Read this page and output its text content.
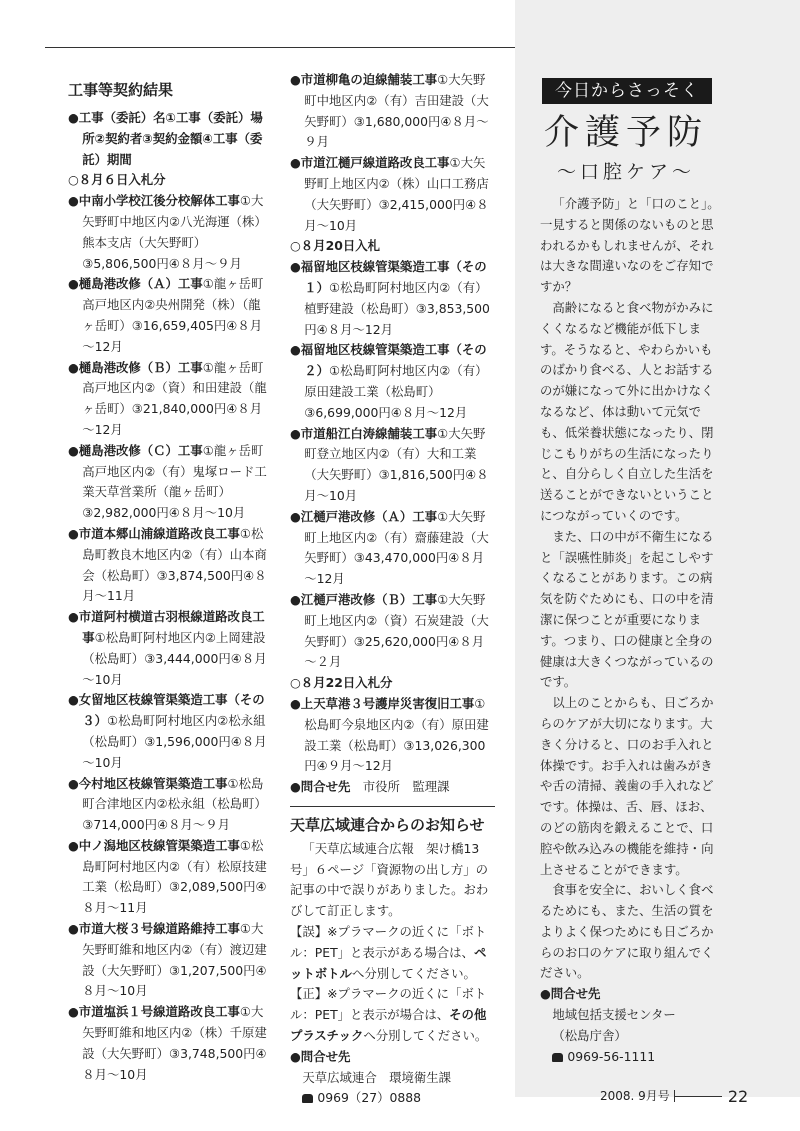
工事等契約結果
●工事（委託）名①工事（委託）場所②契約者③契約金額④工事（委託）期間
○８月６日入札分
●中南小学校江後分校解体工事①大矢野町中地区内②八光海運（株）熊本支店（大矢野町）③5,806,500円④８月～９月
●樋島港改修（Ａ）工事①龍ヶ岳町高戸地区内②央州開発（株）（龍ヶ岳町）③16,659,405円④８月～12月
●樋島港改修（Ｂ）工事①龍ヶ岳町高戸地区内②（資）和田建設（龍ヶ岳町）③21,840,000円④８月～12月
●樋島港改修（Ｃ）工事①龍ヶ岳町高戸地区内②（有）鬼塚ロード工業天草営業所（龍ヶ岳町）③2,982,000円④８月～10月
●市道本郷山浦線道路改良工事①松島町教良木地区内②（有）山本商会（松島町）③3,874,500円④８月～11月
●市道阿村横道古羽根線道路改良工事①松島町阿村地区内②上岡建設（松島町）③3,444,000円④８月～10月
●女留地区枝線管渠築造工事（その３）①松島町阿村地区内②松永組（松島町）③1,596,000円④８月～10月
●今村地区枝線管渠築造工事①松島町合津地区内②松永組（松島町）③714,000円④８月～９月
●中ノ潟地区枝線管渠築造工事①松島町阿村地区内②（有）松原技建工業（松島町）③2,089,500円④８月～11月
●市道大桜３号線道路維持工事①大矢野町維和地区内②（有）渡辺建設（大矢野町）③1,207,500円④８月～10月
●市道塩浜１号線道路改良工事①大矢野町維和地区内②（株）千原建設（大矢野町）③3,748,500円④８月～10月
●市道柳亀の迫線舗装工事①大矢野町中地区内②（有）吉田建設（大矢野町）③1,680,000円④８月～９月
●市道江樋戸線道路改良工事①大矢野町上地区内②（株）山口工務店（大矢野町）③2,415,000円④８月～10月
○８月20日入札
●福留地区枝線管渠築造工事（その１）①松島町阿村地区内②（有）植野建設（松島町）③3,853,500円④８月～12月
●福留地区枝線管渠築造工事（その２）①松島町阿村地区内②（有）原田建設工業（松島町）③6,699,000円④８月～12月
●市道船江白涛線舗装工事①大矢野町登立地区内②（有）大和工業（大矢野町）③1,816,500円④８月～10月
●江樋戸港改修（Ａ）工事①大矢野町上地区内②（有）齋藤建設（大矢野町）③43,470,000円④８月～12月
●江樋戸港改修（Ｂ）工事①大矢野町上地区内②（資）石炭建設（大矢野町）③25,620,000円④８月～２月
○８月22日入札分
●上天草港３号護岸災害復旧工事①松島町今泉地区内②（有）原田建設工業（松島町）③13,026,300円④９月～12月
●問合せ先　市役所　監理課
天草広域連合からのお知らせ
「天草広域連合広報　架け橋13号」６ページ「資源物の出し方」の記事の中で誤りがありました。おわびして訂正します。
【誤】※プラマークの近くに「ボトル：PET」と表示がある場合は、ペットボトルへ分別してください。
【正】※プラマークの近くに「ボトル：PET」と表示が場合は、その他プラスチックへ分別してください。
●問合せ先
天草広域連合　環境衛生課
0969（27）0888
今日からさっそく
介護予防
～口腔ケア～
「介護予防」と「口のこと」。一見すると関係のないものと思われるかもしれませんが、それは大きな間違いなのをご存知ですか？
高齢になると食べ物がかみにくくなるなど機能が低下します。そうなると、やわらかいものばかり食べる、人とお話するのが嫌になって外に出かけなくなるなど、体は動いて元気でも、低栄養状態になったり、閉じこもりがちの生活になったりと、自分らしく自立した生活を送ることができないということにつながっていくのです。
また、口の中が不衛生になると「誤嚥性肺炎」を起こしやすくなることがあります。この病気を防ぐためにも、口の中を清潔に保つことが重要になります。つまり、口の健康と全身の健康は大きくつながっているのです。
以上のことからも、日ごろからのケアが大切になります。大きく分けると、口のお手入れと体操です。お手入れは歯みがきや舌の清掃、義歯の手入れなどです。体操は、舌、唇、ほお、のどの筋肉を鍛えることで、口腔や飲み込みの機能を維持・向上させることができます。
食事を安全に、おいしく食べるためにも、また、生活の質をよりよく保つためにも日ごろからのお口のケアに取り組んでください。
●問合せ先
地域包括支援センター
（松島庁舎）
0969-56-1111
2008. 9月号	22
